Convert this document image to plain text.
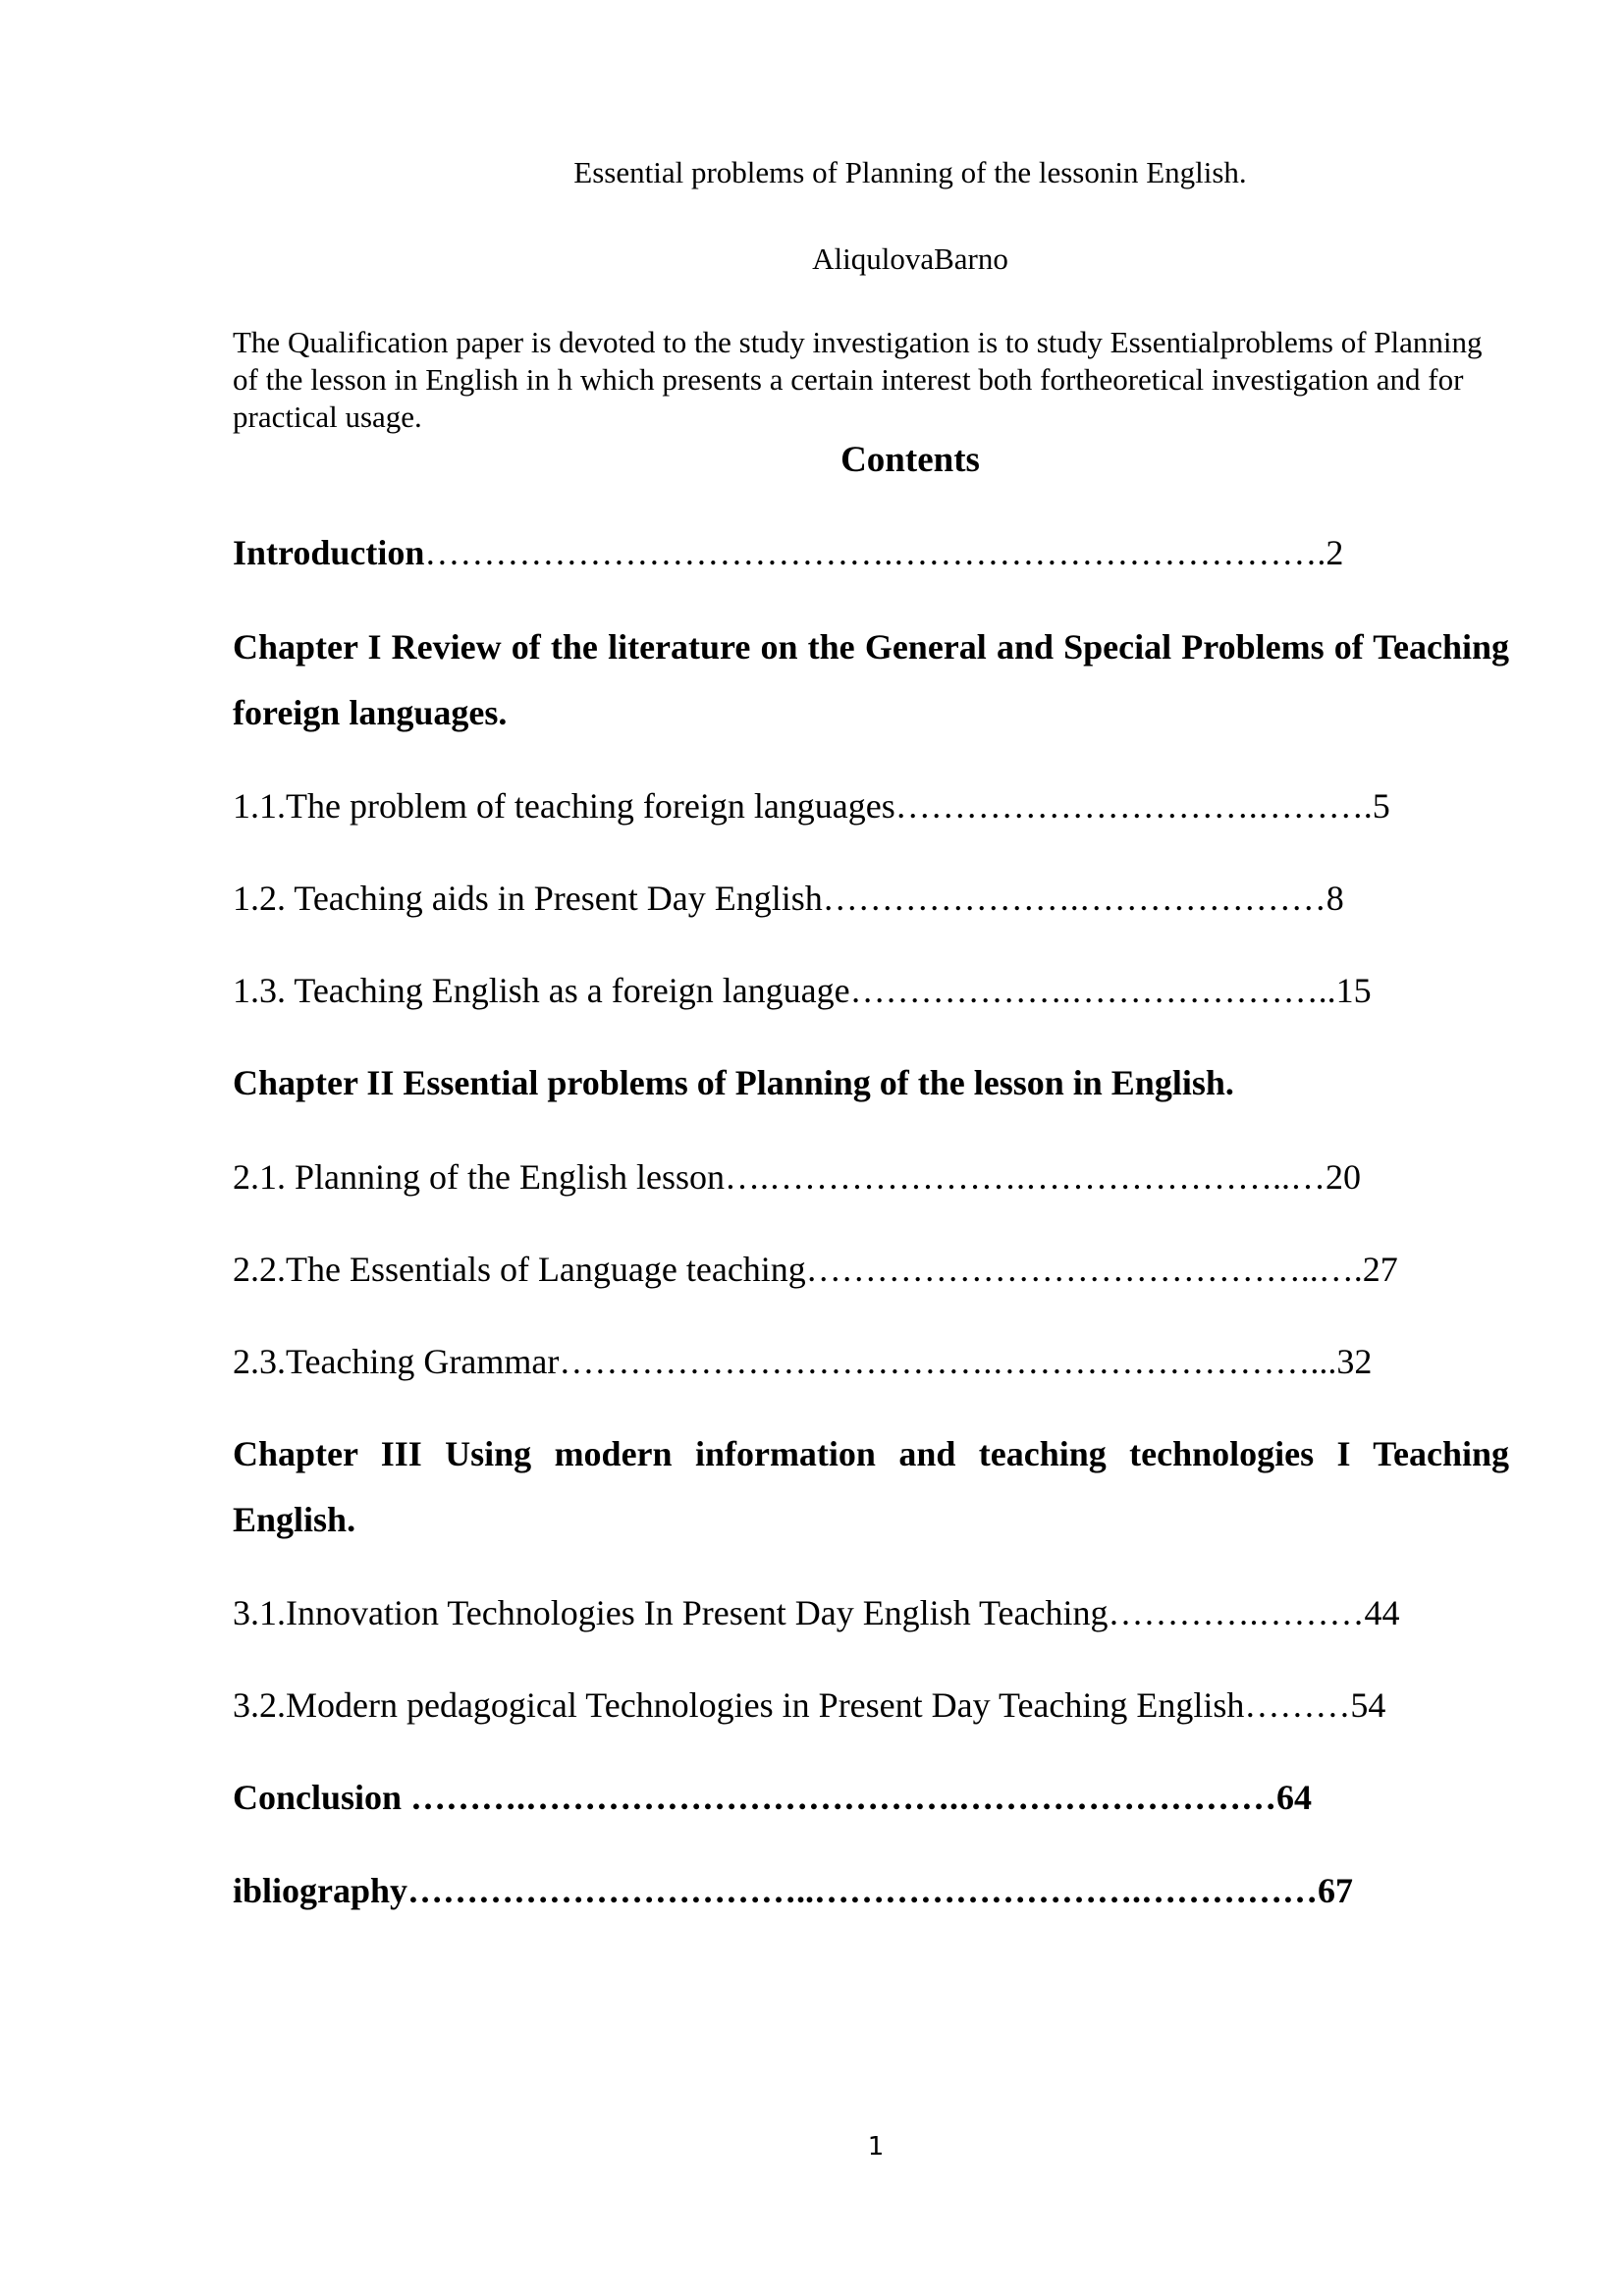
Essential problems of Planning of the lessonin English.
AliqulovaBarno
The Qualification paper is devoted to the study investigation is to study Essentialproblems of Planning of the lesson in English in h which presents a certain interest both fortheoretical investigation and for practical usage.
Contents
Introduction………………………………….……………………………….2
Chapter I Review of the literature on the General and Special Problems of Teaching foreign languages.
1.1.The problem of teaching foreign languages………………………….……….5
1.2. Teaching aids in Present Day English………………….…………………8
1.3. Teaching English as a foreign language……………….…………………..15
Chapter II Essential problems of Planning of the lesson in English.
2.1. Planning of the English lesson….………………….…………………..…20
2.2.The Essentials of Language teaching……………………………………..….27
2.3.Teaching Grammar……………………………….………………………...32
Chapter III Using modern information and teaching technologies I Teaching English.
3.1.Innovation Technologies In Present Day English Teaching………….………44
3.2.Modern pedagogical Technologies in Present Day Teaching English………54
Conclusion ……….……………………………….………………………64
ibliography……………………………..……………………….……………67
1
